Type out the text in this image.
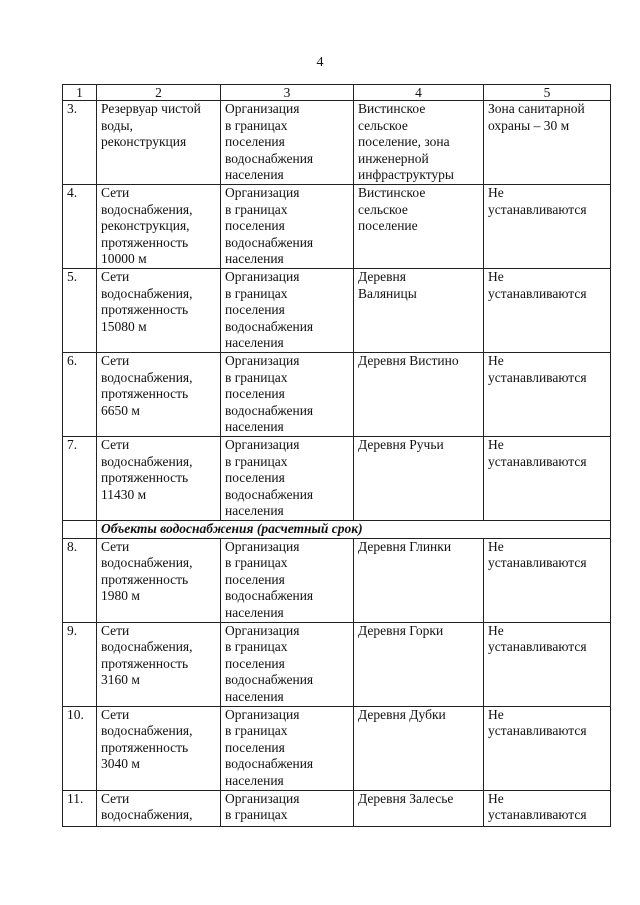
4
1	2	3	4	5
3.	Резервуар чистой
воды,
реконструкция	Организация
в границах
поселения
водоснабжения
населения	Вистинское
сельское
поселение, зона
инженерной
инфраструктуры	Зона санитарной
охраны – 30 м

4.	Сети
водоснабжения,
реконструкция,
протяженность
10000 м	Организация
в границах
поселения
водоснабжения
населения	Вистинское
сельское
поселение	Не
устанавливаются

5.	Сети
водоснабжения,
протяженность
15080 м	Организация
в границах
поселения
водоснабжения
населения	Деревня
Валяницы	Не
устанавливаются

6.	Сети
водоснабжения,
протяженность
6650 м	Организация
в границах
поселения
водоснабжения
населения	Деревня Вистино	Не
устанавливаются

7.	Сети
водоснабжения,
протяженность
11430 м	Организация
в границах
поселения
водоснабжения
населения	Деревня Ручьи	Не
устанавливаются

	Объекты водоснабжения (расчетный срок)			
8.	Сети
водоснабжения,
протяженность
1980 м	Организация
в границах
поселения
водоснабжения
населения	Деревня Глинки	Не
устанавливаются

9.	Сети
водоснабжения,
протяженность
3160 м	Организация
в границах
поселения
водоснабжения
населения	Деревня Горки	Не
устанавливаются

10.	Сети
водоснабжения,
протяженность
3040 м	Организация
в границах
поселения
водоснабжения
населения	Деревня Дубки	Не
устанавливаются

11.	Сети
водоснабжения,	Организация
в границах	Деревня Залесье	Не
устанавливаются
